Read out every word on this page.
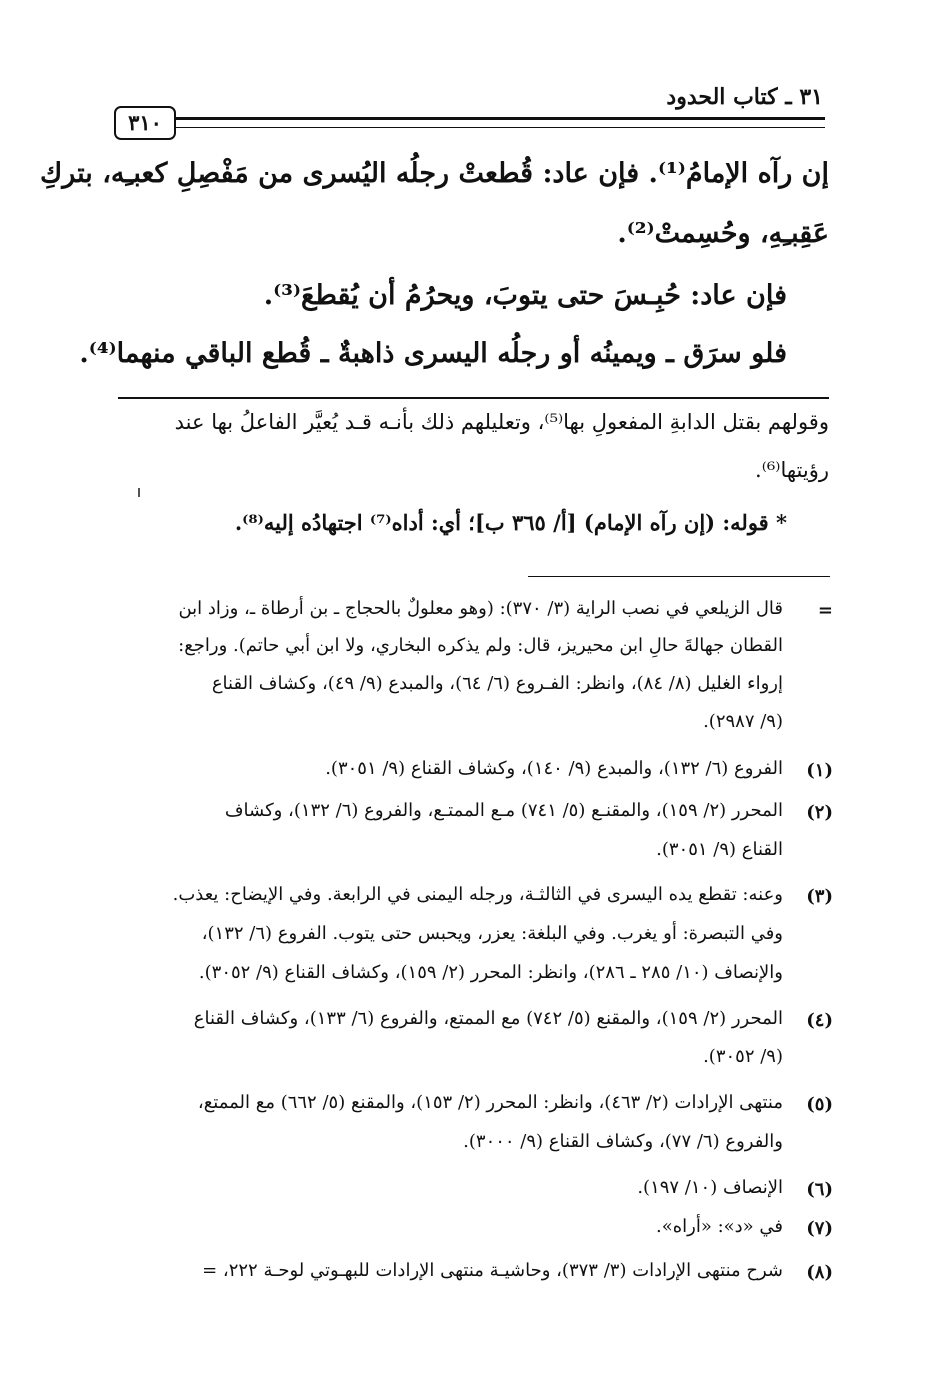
٣١ ـ كتاب الحدود
٣١٠
إن رآه الإمامُ⁽¹⁾. فإن عاد: قُطعتْ رجلُه اليُسرى من مَفْصِلِ كعبـِه، بتركِ
عَقِبـِهِ، وحُسِمتْ⁽²⁾.
فإن عاد: حُبِـسَ حتى يتوبَ، ويحرُمُ أن يُقطعَ⁽³⁾.
فلو سرَق ـ ويمينُه أو رجلُه اليسرى ذاهبةٌ ـ قُطع الباقي منهما⁽⁴⁾.
وقولهم بقتل الدابةِ المفعولِ بها⁽⁵⁾، وتعليلهم ذلك بأنـه قـد يُعيَّر الفاعلُ بها عند
رؤيتها⁽⁶⁾.
* قوله: (إن رآه الإمام) [أ/ ٣٦٥ ب]؛ أي: أداه⁽⁷⁾ اجتهادُه إليه⁽⁸⁾.
=
قال الزيلعي في نصب الراية (٣/ ٣٧٠): (وهو معلولٌ بالحجاج ـ بن أرطاة ـ، وزاد ابن
القطان جهالةَ حالِ ابن محيريز، قال: ولم يذكره البخاري، ولا ابن أبي حاتم). وراجع:
إرواء الغليل (٨/ ٨٤)، وانظر: الفـروع (٦/ ٦٤)، والمبدع (٩/ ٤٩)، وكشاف القناع
(٩/ ٢٩٨٧).
(١)
الفروع (٦/ ١٣٢)، والمبدع (٩/ ١٤٠)، وكشاف القناع (٩/ ٣٠٥١).
(٢)
المحرر (٢/ ١٥٩)، والمقنـع (٥/ ٧٤١) مـع الممتـع، والفروع (٦/ ١٣٢)، وكشاف
القناع (٩/ ٣٠٥١).
(٣)
وعنه: تقطع يده اليسرى في الثالثـة، ورجله اليمنى في الرابعة. وفي الإيضاح: يعذب.
وفي التبصرة: أو يغرب. وفي البلغة: يعزر، ويحبس حتى يتوب. الفروع (٦/ ١٣٢)،
والإنصاف (١٠/ ٢٨٥ ـ ٢٨٦)، وانظر: المحرر (٢/ ١٥٩)، وكشاف القناع (٩/ ٣٠٥٢).
(٤)
المحرر (٢/ ١٥٩)، والمقنع (٥/ ٧٤٢) مع الممتع، والفروع (٦/ ١٣٣)، وكشاف القناع
(٩/ ٣٠٥٢).
(٥)
منتهى الإرادات (٢/ ٤٦٣)، وانظر: المحرر (٢/ ١٥٣)، والمقنع (٥/ ٦٦٢) مع الممتع،
والفروع (٦/ ٧٧)، وكشاف القناع (٩/ ٣٠٠٠).
(٦)
الإنصاف (١٠/ ١٩٧).
(٧)
في «د»: «أراه».
(٨)
شرح منتهى الإرادات (٣/ ٣٧٣)، وحاشيـة منتهى الإرادات للبهـوتي لوحـة ٢٢٢، =
